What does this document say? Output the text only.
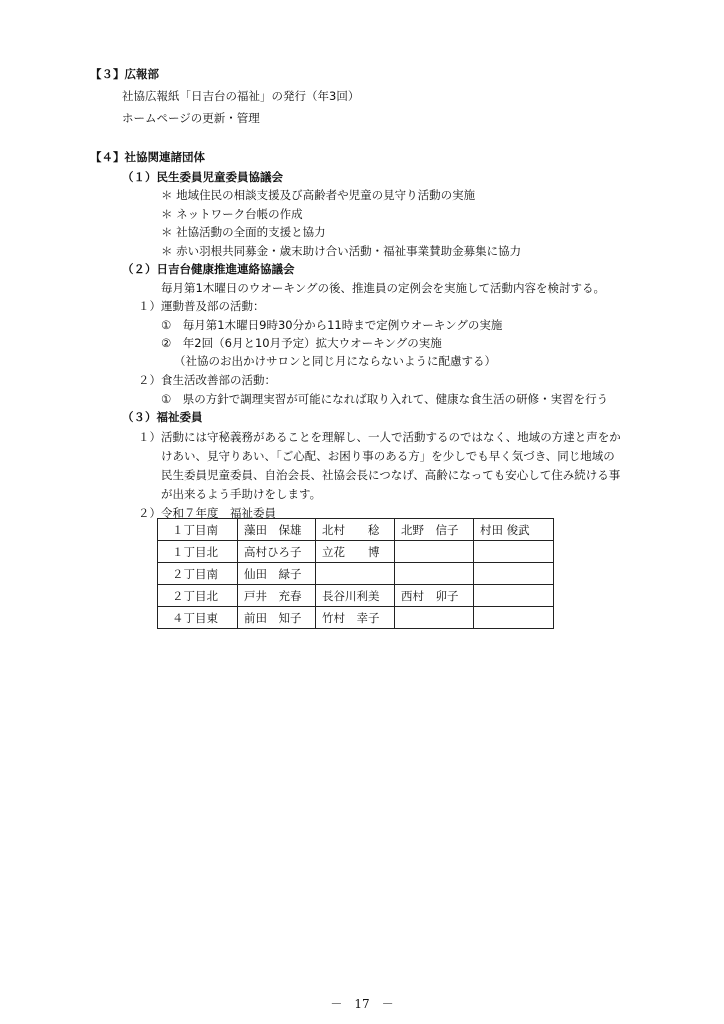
【３】広報部
社協広報紙「日吉台の福祉」の発行（年3回）
ホームページの更新・管理
【４】社協関連諸団体
（１）民生委員児童委員協議会
＊ 地域住民の相談支援及び高齢者や児童の見守り活動の実施
＊ ネットワーク台帳の作成
＊ 社協活動の全面的支援と協力
＊ 赤い羽根共同募金・歳末助け合い活動・福祉事業賛助金募集に協力
（２）日吉台健康推進連絡協議会
毎月第1木曜日のウオーキングの後、推進員の定例会を実施して活動内容を検討する。
１）運動普及部の活動：
①　毎月第1木曜日9時30分から11時まで定例ウオーキングの実施
②　年2回（6月と10月予定）拡大ウオーキングの実施
（社協のお出かけサロンと同じ月にならないように配慮する）
２）食生活改善部の活動：
①　県の方針で調理実習が可能になれば取り入れて、健康な食生活の研修・実習を行う
（３）福祉委員
１）活動には守秘義務があることを理解し、一人で活動するのではなく、地域の方達と声をか
けあい、見守りあい、「ご心配、お困り事のある方」を少しでも早く気づき、同じ地域の
民生委員児童委員、自治会長、社協会長につなげ、高齢になっても安心して住み続ける事
が出来るよう手助けをします。
２）令和７年度　福祉委員
１丁目南	藻田　保雄	北村　　稔	北野　信子	村田 俊武
１丁目北	高村ひろ子	立花　　博		
２丁目南	仙田　緑子			
２丁目北	戸井　充春	長谷川利美	西村　卯子	
４丁目東	前田　知子	竹村　幸子		
－　17　－
